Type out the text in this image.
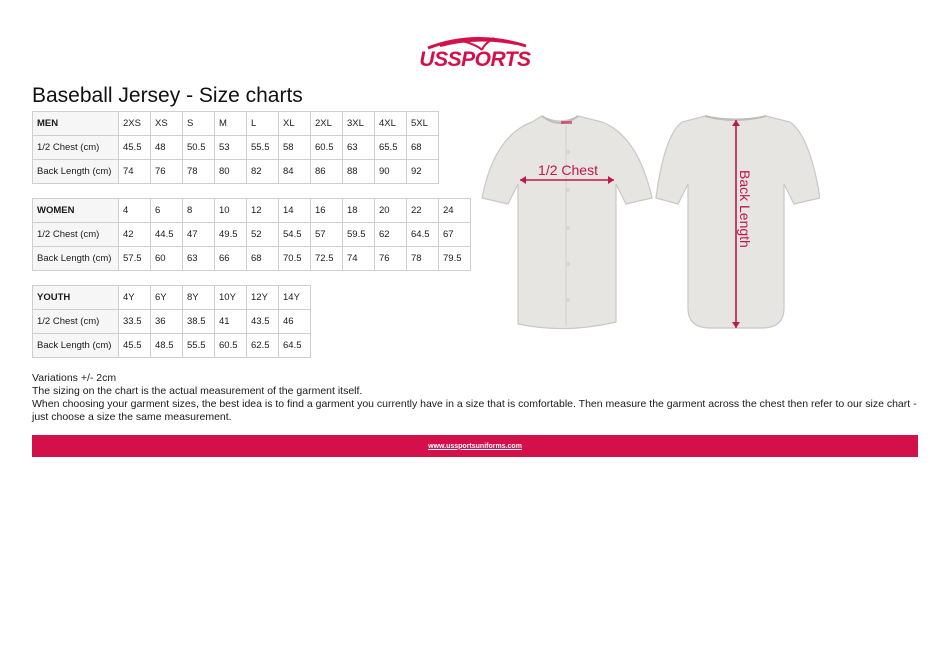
USSPORTS
Baseball Jersey - Size charts
MEN	2XS	XS	S	M	L	XL	2XL	3XL	4XL	5XL
1/2 Chest (cm)	45.5	48	50.5	53	55.5	58	60.5	63	65.5	68
Back Length (cm)	74	76	78	80	82	84	86	88	90	92
WOMEN	4	6	8	10	12	14	16	18	20	22	24
1/2 Chest (cm)	42	44.5	47	49.5	52	54.5	57	59.5	62	64.5	67
Back Length (cm)	57.5	60	63	66	68	70.5	72.5	74	76	78	79.5
YOUTH	4Y	6Y	8Y	10Y	12Y	14Y
1/2 Chest (cm)	33.5	36	38.5	41	43.5	46
Back Length (cm)	45.5	48.5	55.5	60.5	62.5	64.5
1/2 Chest	Back Length
Variations +/- 2cm
The sizing on the chart is the actual measurement of the garment itself.
When choosing your garment sizes, the best idea is to find a garment you currently have in a size that is comfortable. Then measure the garment across the chest then refer to our size chart - just choose a size the same measurement.
www.ussportsuniforms.com
